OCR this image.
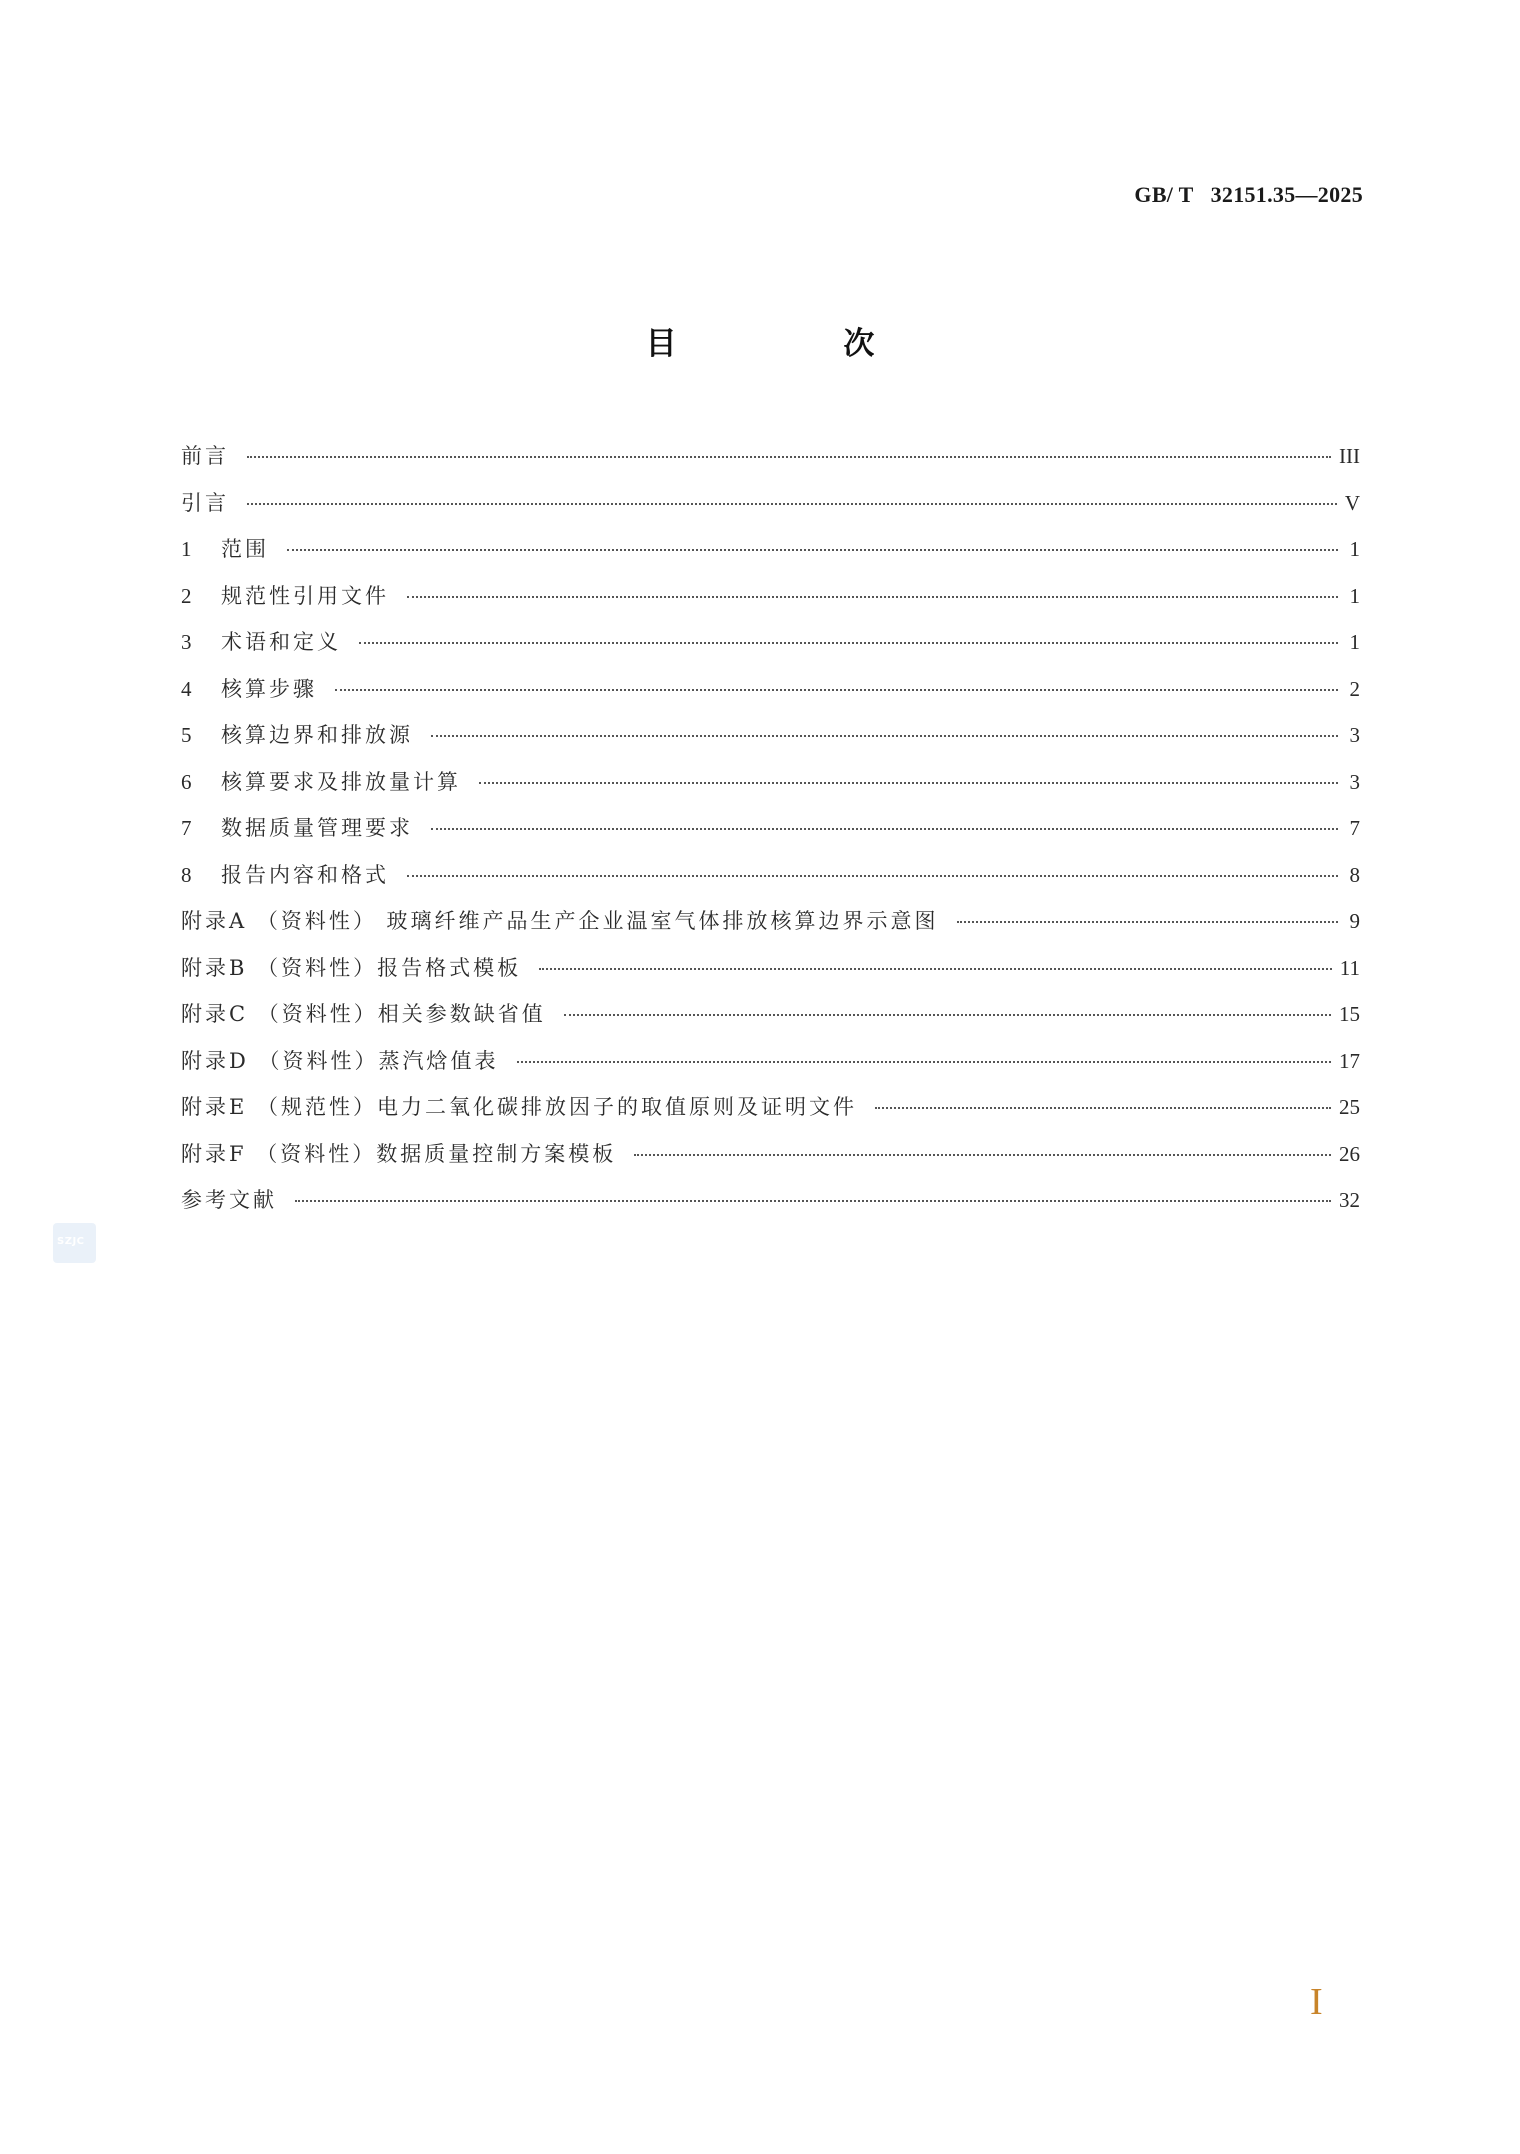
GB/ T   32151.35—2025
目 次
前言	III
引言	V
1	范围	1
2	规范性引用文件	1
3	术语和定义	1
4	核算步骤	2
5	核算边界和排放源	3
6	核算要求及排放量计算	3
7	数据质量管理要求	7
8	报告内容和格式	8
附录A （资料性） 玻璃纤维产品生产企业温室气体排放核算边界示意图	9
附录B （资料性）报告格式模板	11
附录C （资料性）相关参数缺省值	15
附录D （资料性）蒸汽焓值表	17
附录E （规范性）电力二氧化碳排放因子的取值原则及证明文件	25
附录F （资料性）数据质量控制方案模板	26
参考文献	32
SZJC
I
